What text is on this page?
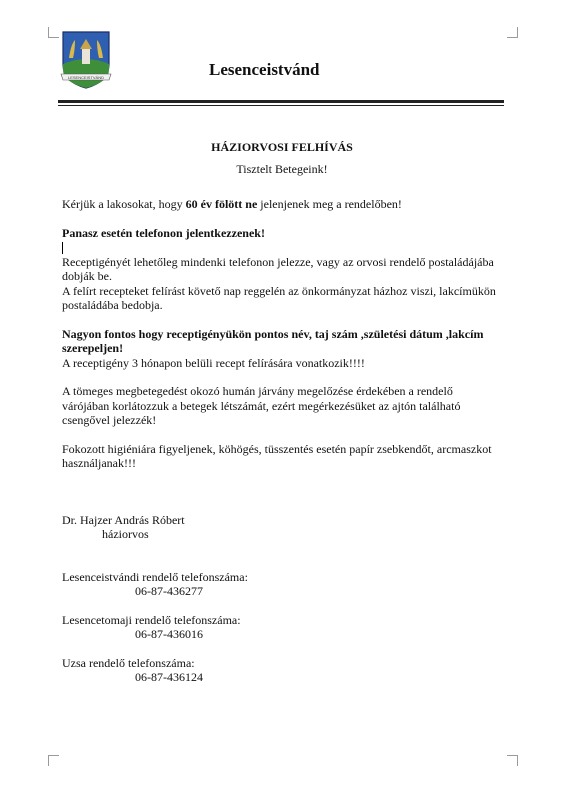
LESENCEISTVÁND	Lesenceistvánd

HÁZIORVOSI FELHÍVÁS

Tisztelt Betegeink!

Kérjük a lakosokat, hogy 60 év fölött ne jelenjenek meg a rendelőben!

Panasz esetén telefonon jelentkezzenek!

Receptigényét lehetőleg mindenki telefonon jelezze, vagy az orvosi rendelő postaládájába dobják be.

A felírt recepteket felírást követő nap reggelén az önkormányzat házhoz viszi, lakcímükön postaládába bedobja.

Nagyon fontos hogy receptigényükön pontos név, taj szám ,születési dátum ,lakcím szerepeljen!

A receptigény 3 hónapon belüli recept felírására vonatkozik!!!!

A tömeges megbetegedést okozó humán járvány megelőzése érdekében a rendelő várójában korlátozzuk a betegek létszámát, ezért megérkezésüket az ajtón található csengővel jelezzék!

Fokozott higiéniára figyeljenek, köhögés, tüsszentés esetén papír zsebkendőt, arcmaszkot használjanak!!!

Dr. Hajzer András Róbert

háziorvos

Lesenceistvándi rendelő telefonszáma:

06-87-436277

Lesencetomaji rendelő telefonszáma:

06-87-436016

Uzsa rendelő telefonszáma:

06-87-436124
